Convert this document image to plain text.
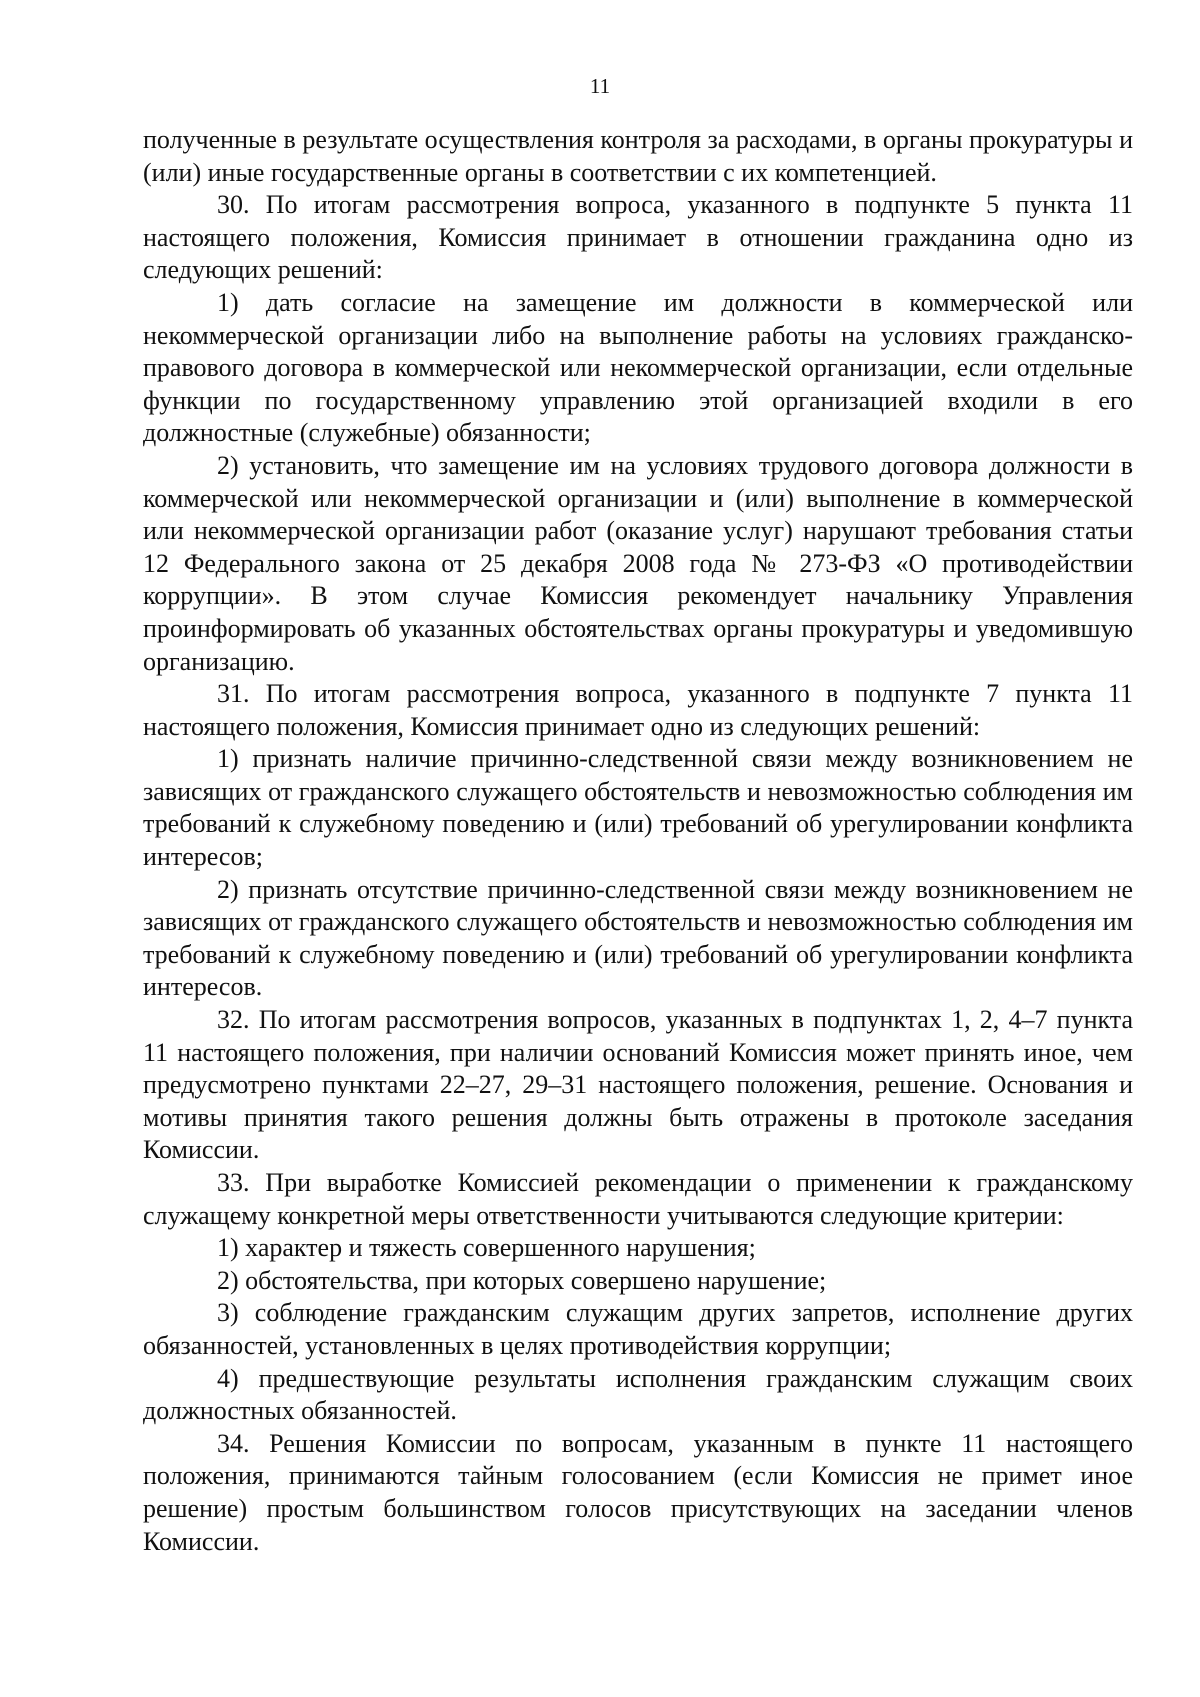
11

полученные в результате осуществления контроля за расходами, в органы прокуратуры и (или) иные государственные органы в соответствии с их компетенцией.

30. По итогам рассмотрения вопроса, указанного в подпункте 5 пункта 11 настоящего положения, Комиссия принимает в отношении гражданина одно из следующих решений:

1) дать согласие на замещение им должности в коммерческой или некоммерческой организации либо на выполнение работы на условиях гражданско-правового договора в коммерческой или некоммерческой организации, если отдельные функции по государственному управлению этой организацией входили в его должностные (служебные) обязанности;

2) установить, что замещение им на условиях трудового договора должности в коммерческой или некоммерческой организации и (или) выполнение в коммерческой или некоммерческой организации работ (оказание услуг) нарушают требования статьи 12 Федерального закона от 25 декабря 2008 года № 273-ФЗ «О противодействии коррупции». В этом случае Комиссия рекомендует начальнику Управления проинформировать об указанных обстоятельствах органы прокуратуры и уведомившую организацию.

31. По итогам рассмотрения вопроса, указанного в подпункте 7 пункта 11 настоящего положения, Комиссия принимает одно из следующих решений:

1) признать наличие причинно-следственной связи между возникновением не зависящих от гражданского служащего обстоятельств и невозможностью соблюдения им требований к служебному поведению и (или) требований об урегулировании конфликта интересов;

2) признать отсутствие причинно-следственной связи между возникновением не зависящих от гражданского служащего обстоятельств и невозможностью соблюдения им требований к служебному поведению и (или) требований об урегулировании конфликта интересов.

32. По итогам рассмотрения вопросов, указанных в подпунктах 1, 2, 4–7 пункта 11 настоящего положения, при наличии оснований Комиссия может принять иное, чем предусмотрено пунктами 22–27, 29–31 настоящего положения, решение. Основания и мотивы принятия такого решения должны быть отражены в протоколе заседания Комиссии.

33. При выработке Комиссией рекомендации о применении к гражданскому служащему конкретной меры ответственности учитываются следующие критерии:

1) характер и тяжесть совершенного нарушения;

2) обстоятельства, при которых совершено нарушение;

3) соблюдение гражданским служащим других запретов, исполнение других обязанностей, установленных в целях противодействия коррупции;

4) предшествующие результаты исполнения гражданским служащим своих должностных обязанностей.

34. Решения Комиссии по вопросам, указанным в пункте 11 настоящего положения, принимаются тайным голосованием (если Комиссия не примет иное решение) простым большинством голосов присутствующих на заседании членов Комиссии.
